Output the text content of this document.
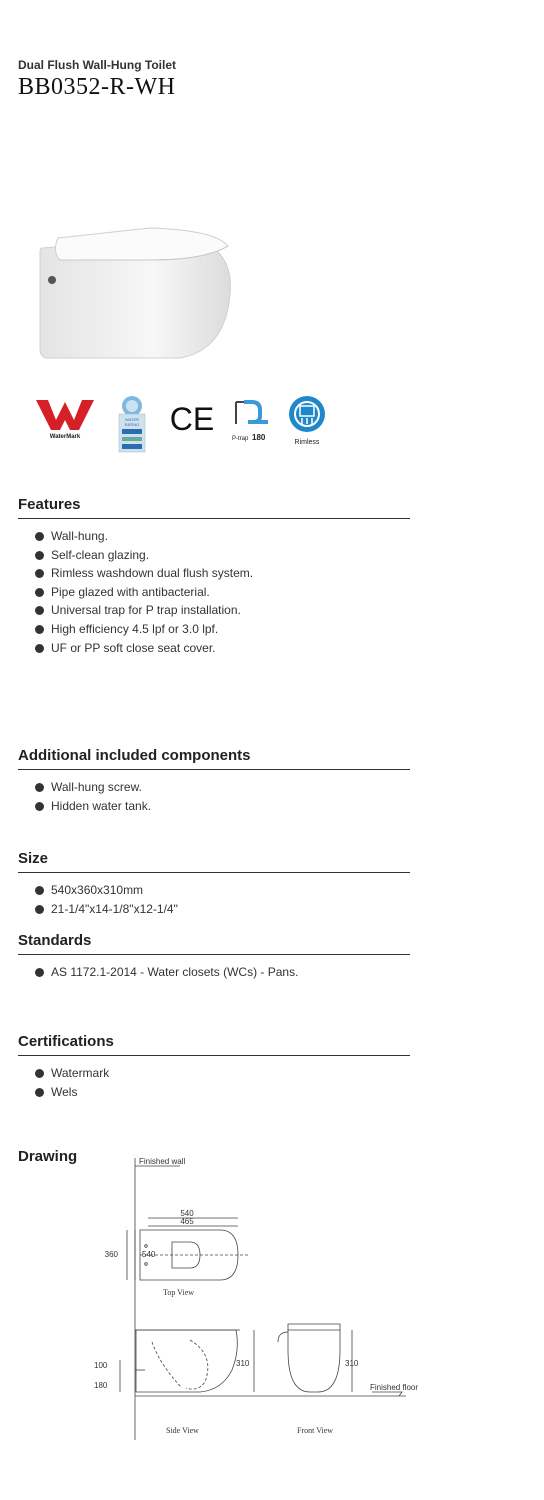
Dual Flush Wall-Hung Toilet
BB0352-R-WH
WaterMark
WATER
RATING CE
P-trap 180
Rimless
Features
Wall-hung.
Self-clean glazing.
Rimless washdown dual flush system.
Pipe glazed with antibacterial.
Universal trap for P trap installation.
High efficiency 4.5 lpf or 3.0 lpf.
UF or PP soft close seat cover.
Additional included components
Wall-hung screw.
Hidden water tank.
Size
540x360x310mm
21-1/4"x14-1/8"x12-1/4"
Standards
AS 1172.1-2014 - Water closets (WCs) - Pans.
Certifications
Watermark
Wels
Drawing	Finished wall
540
465
360	540
Top View
310	310
100
180	Finished floor
Side View	Front View
